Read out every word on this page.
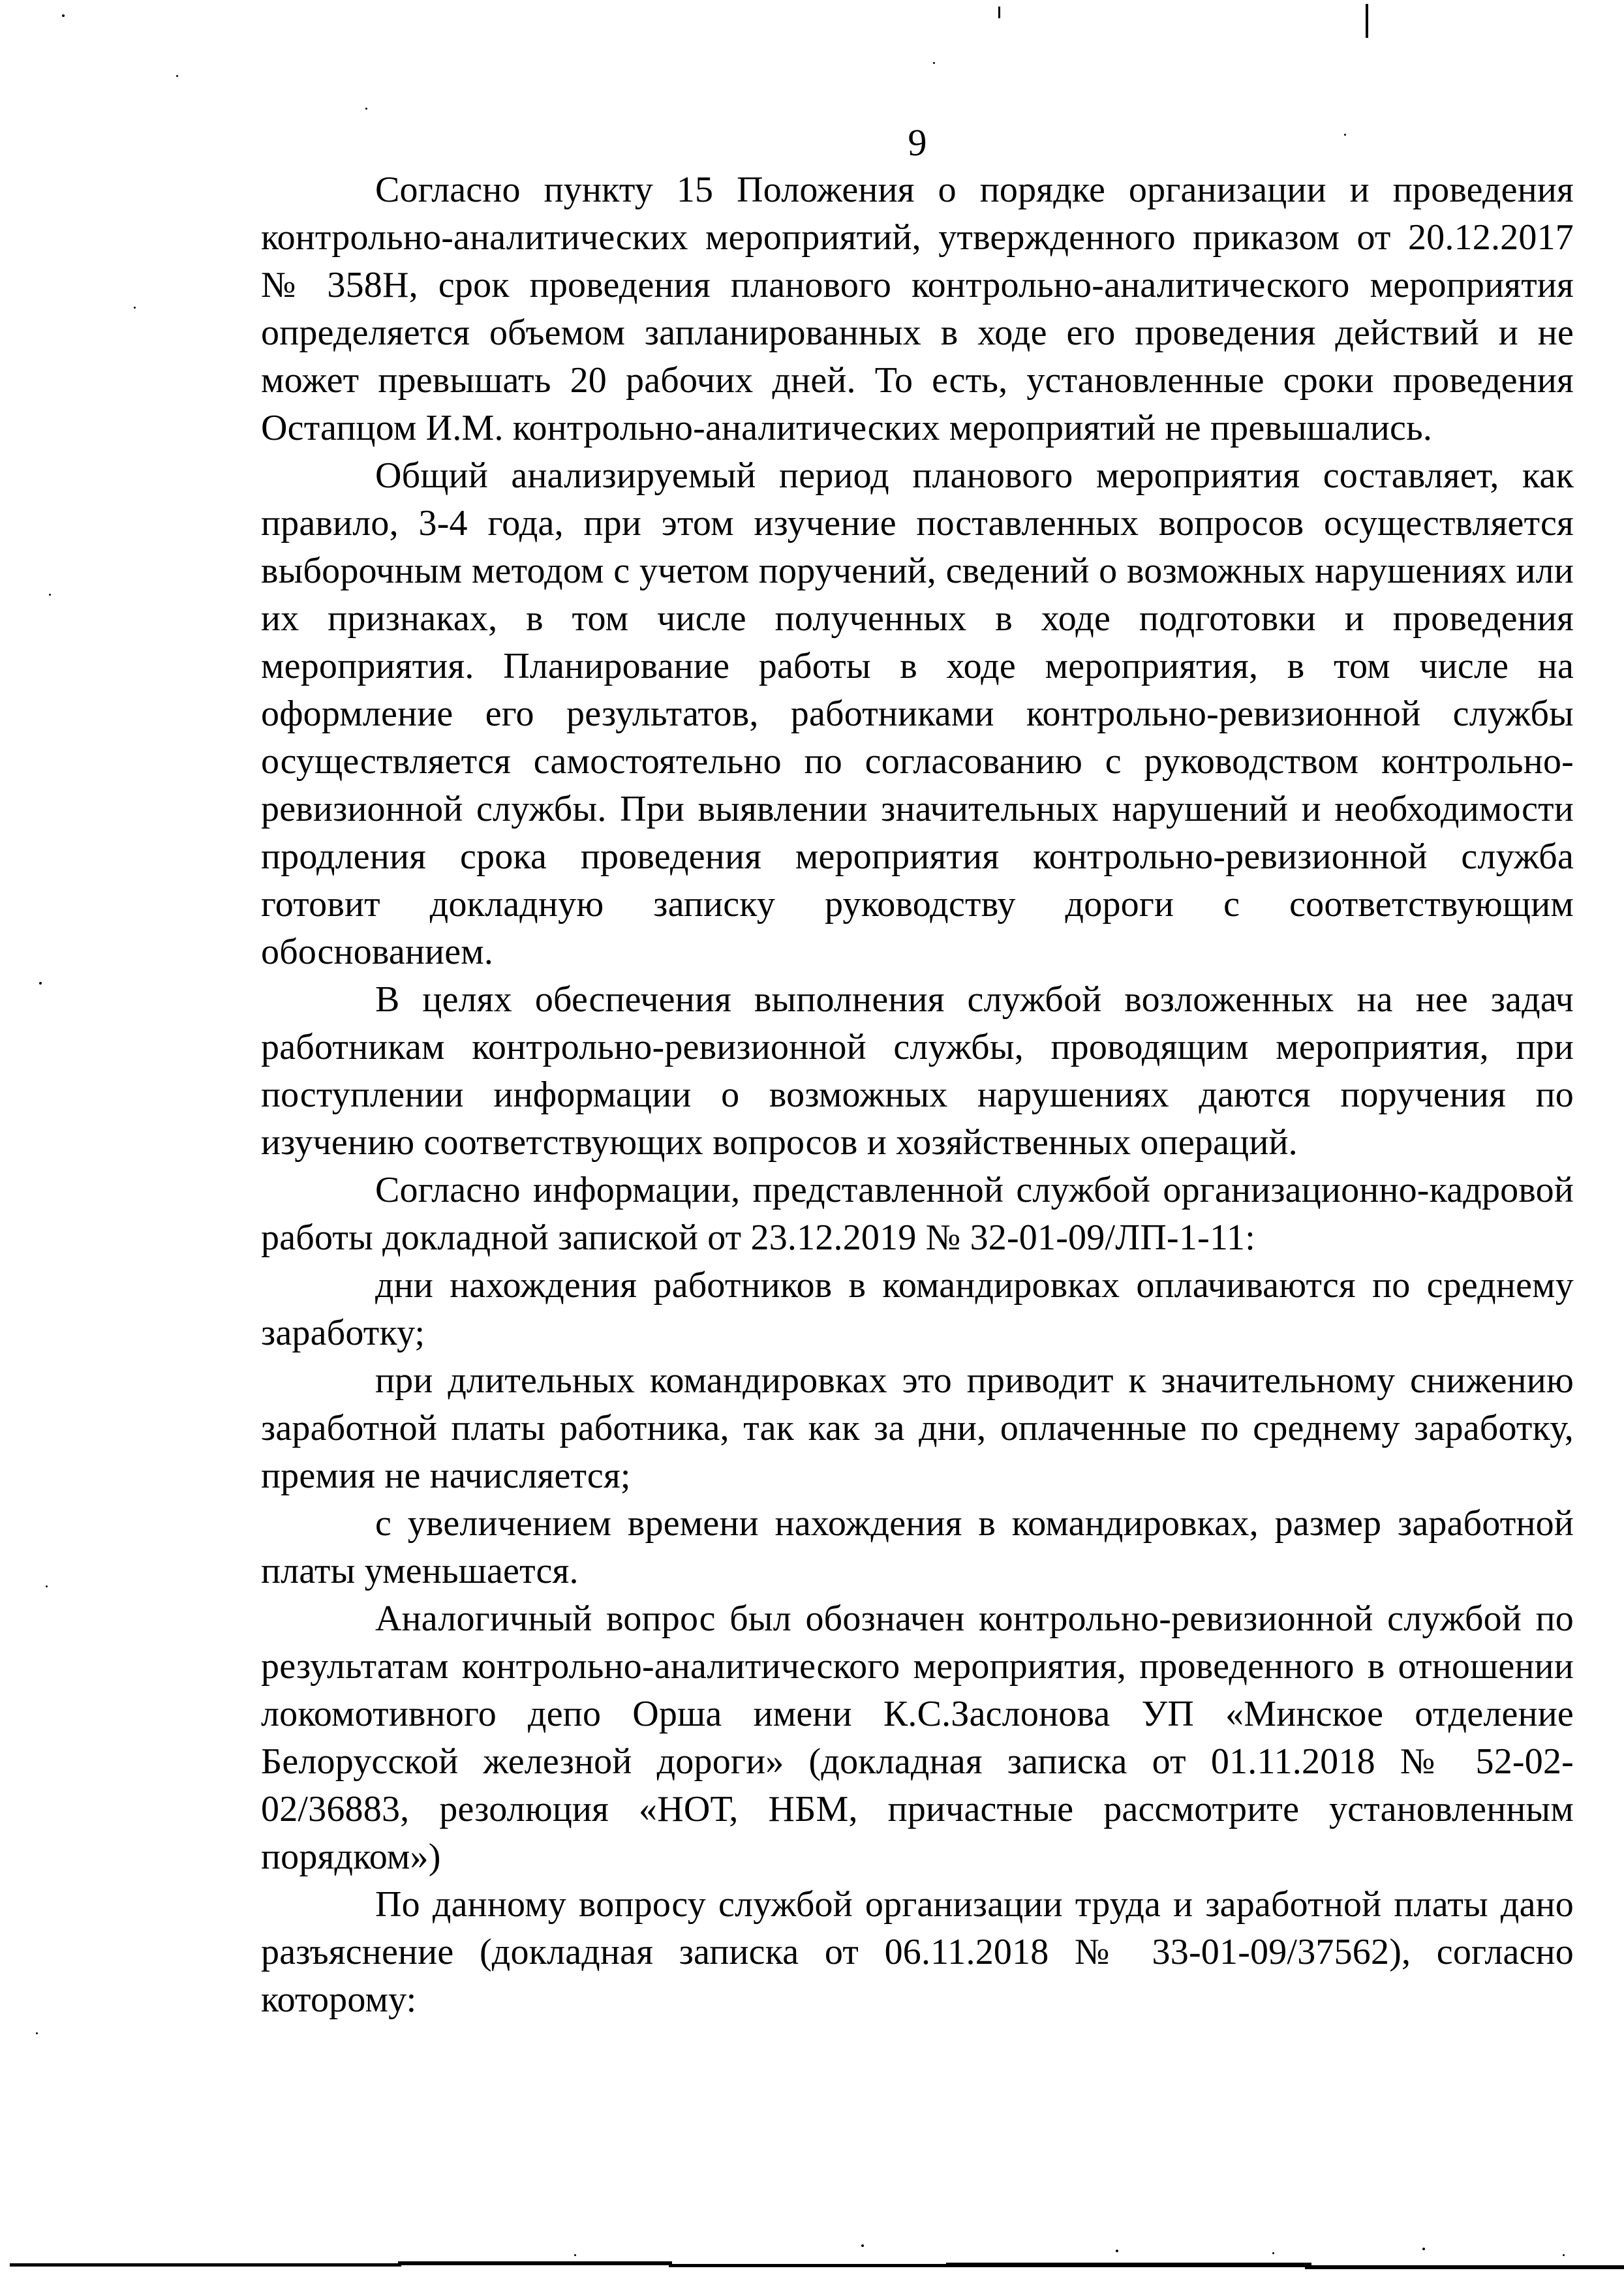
9

Согласно пункту 15 Положения о порядке организации и проведения контрольно-аналитических мероприятий, утвержденного приказом от 20.12.2017 № 358Н, срок проведения планового контрольно-аналитического мероприятия определяется объемом запланированных в ходе его проведения действий и не может превышать 20 рабочих дней. То есть, установленные сроки проведения Остапцом И.М. контрольно-аналитических мероприятий не превышались.

Общий анализируемый период планового мероприятия составляет, как правило, 3-4 года, при этом изучение поставленных вопросов осуществляется выборочным методом с учетом поручений, сведений о возможных нарушениях или их признаках, в том числе полученных в ходе подготовки и проведения мероприятия. Планирование работы в ходе мероприятия, в том числе на оформление его результатов, работниками контрольно-ревизионной службы осуществляется самостоятельно по согласованию с руководством контрольно-ревизионной службы. При выявлении значительных нарушений и необходимости продления срока проведения мероприятия контрольно-ревизионной служба готовит докладную записку руководству дороги с соответствующим обоснованием.

В целях обеспечения выполнения службой возложенных на нее задач работникам контрольно-ревизионной службы, проводящим мероприятия, при поступлении информации о возможных нарушениях даются поручения по изучению соответствующих вопросов и хозяйственных операций.

Согласно информации, представленной службой организационно-кадровой работы докладной запиской от 23.12.2019 № 32-01-09/ЛП-1-11:

дни нахождения работников в командировках оплачиваются по среднему заработку;

при длительных командировках это приводит к значительному снижению заработной платы работника, так как за дни, оплаченные по среднему заработку, премия не начисляется;

с увеличением времени нахождения в командировках, размер заработной платы уменьшается.

Аналогичный вопрос был обозначен контрольно-ревизионной службой по результатам контрольно-аналитического мероприятия, проведенного в отношении локомотивного депо Орша имени К.С.Заслонова УП «Минское отделение Белорусской железной дороги» (докладная записка от 01.11.2018 № 52-02-02/36883, резолюция «НОТ, НБМ, причастные рассмотрите установленным порядком»)

По данному вопросу службой организации труда и заработной платы дано разъяснение (докладная записка от 06.11.2018 № 33-01-09/37562), согласно которому:
